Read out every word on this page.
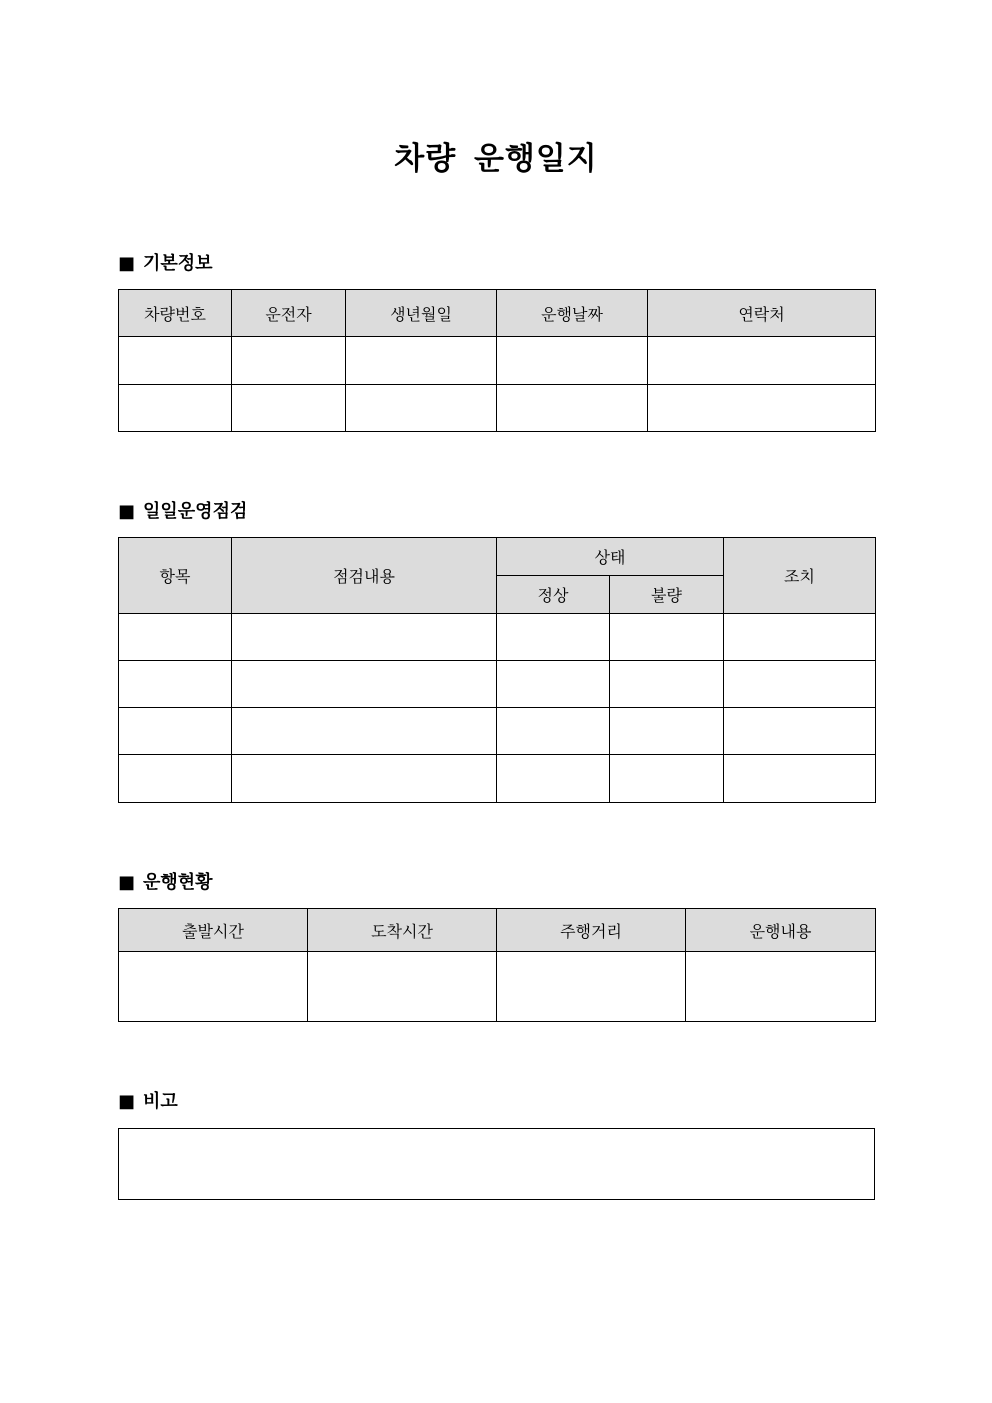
차량 운행일지
■ 기본정보
차량번호	운전자	생년월일	운행날짜	연락처

■ 일일운영점검
항목	점검내용	상태		조치
		정상	불량	

■ 운행현황
출발시간	도착시간	주행거리	운행내용

■ 비고
